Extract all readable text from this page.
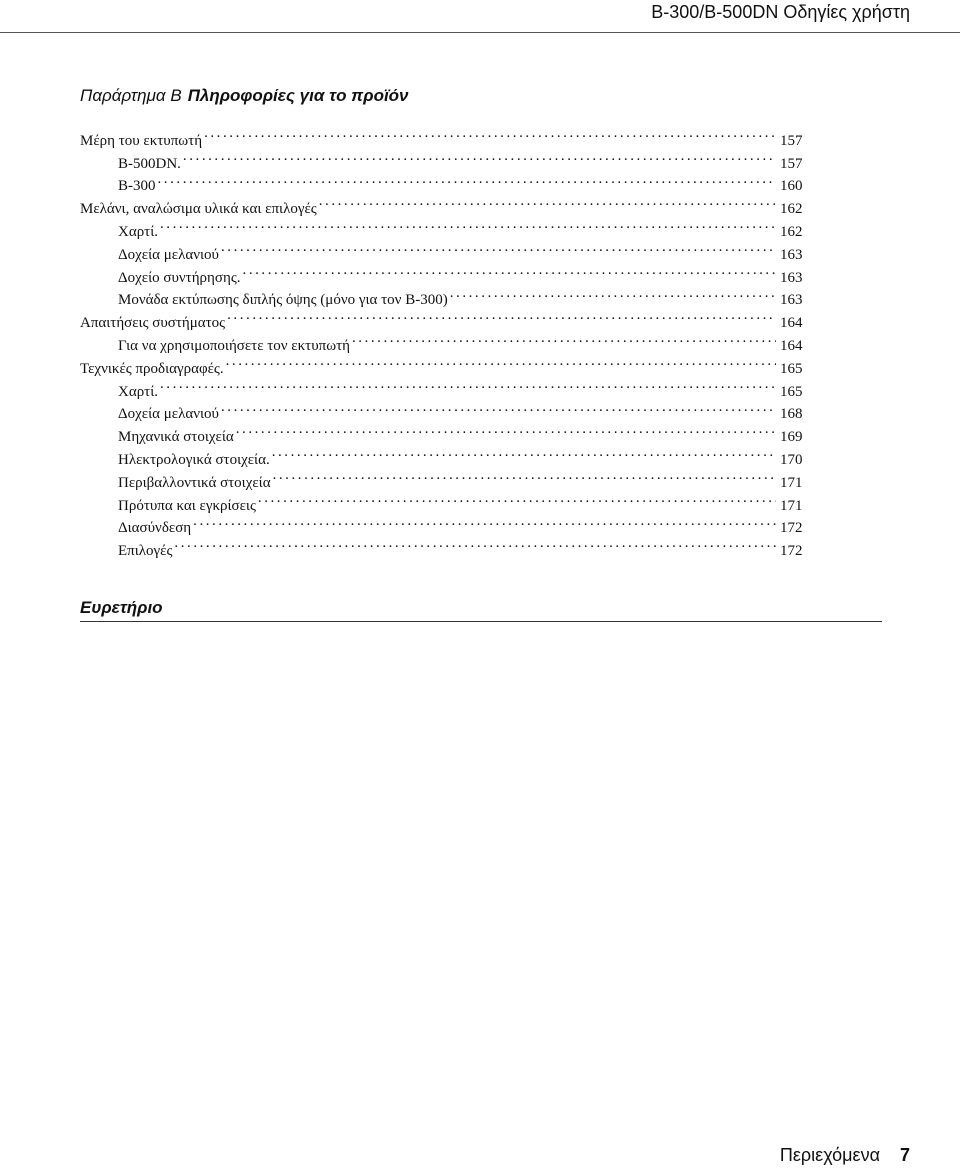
B-300/B-500DN Οδηγίες χρήστη
Παράρτημα B Πληροφορίες για το προϊόν
Μέρη του εκτυπωτή . . .	157
B-500DN. . . .	157
B-300 . . .	160
Μελάνι, αναλώσιμα υλικά και επιλογές . . .	162
Χαρτί. . . .	162
Δοχεία μελανιού . . .	163
Δοχείο συντήρησης. . . .	163
Μονάδα εκτύπωσης διπλής όψης (μόνο για τον B-300) . . .	163
Απαιτήσεις συστήματος . . .	164
Για να χρησιμοποιήσετε τον εκτυπωτή . . .	164
Τεχνικές προδιαγραφές. . . .	165
Χαρτί. . . .	165
Δοχεία μελανιού . . .	168
Μηχανικά στοιχεία . . .	169
Ηλεκτρολογικά στοιχεία. . . .	170
Περιβαλλοντικά στοιχεία . . .	171
Πρότυπα και εγκρίσεις . . .	171
Διασύνδεση . . .	172
Επιλογές . . .	172
Ευρετήριο
Περιεχόμενα 7
